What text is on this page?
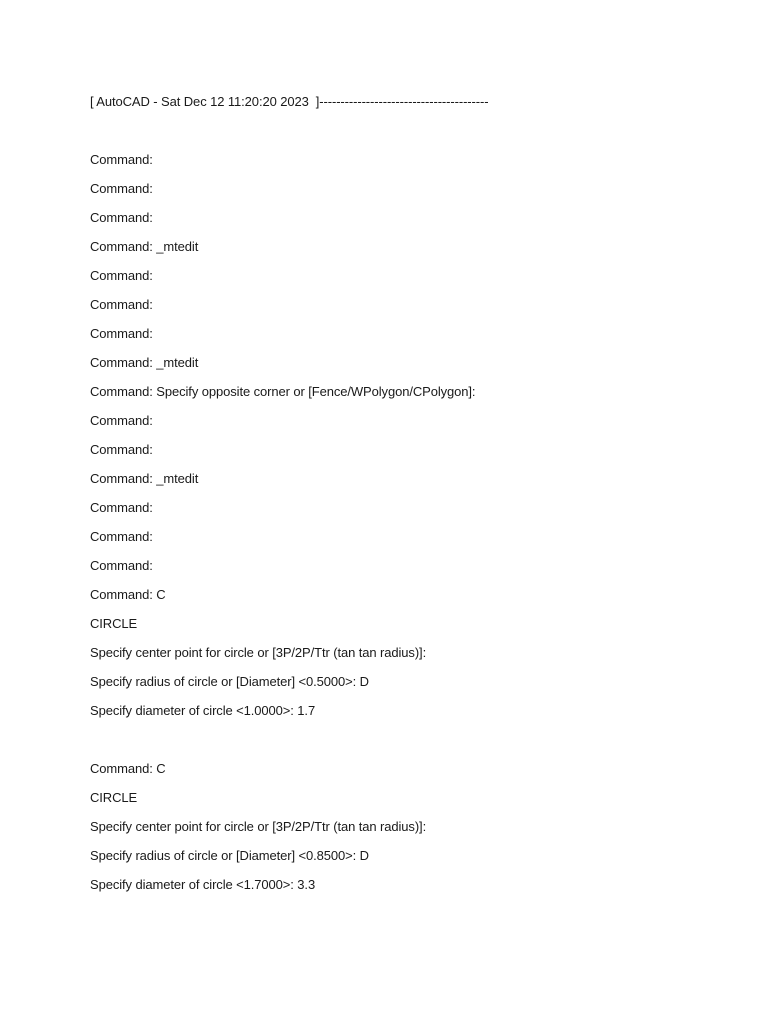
[ AutoCAD - Sat Dec 12 11:20:20 2023  ]----------------------------------------
Command:
Command:
Command:
Command: _mtedit
Command:
Command:
Command:
Command: _mtedit
Command: Specify opposite corner or [Fence/WPolygon/CPolygon]:
Command:
Command:
Command: _mtedit
Command:
Command:
Command:
Command: C
CIRCLE
Specify center point for circle or [3P/2P/Ttr (tan tan radius)]:
Specify radius of circle or [Diameter] <0.5000>: D
Specify diameter of circle <1.0000>: 1.7
Command: C
CIRCLE
Specify center point for circle or [3P/2P/Ttr (tan tan radius)]:
Specify radius of circle or [Diameter] <0.8500>: D
Specify diameter of circle <1.7000>: 3.3
